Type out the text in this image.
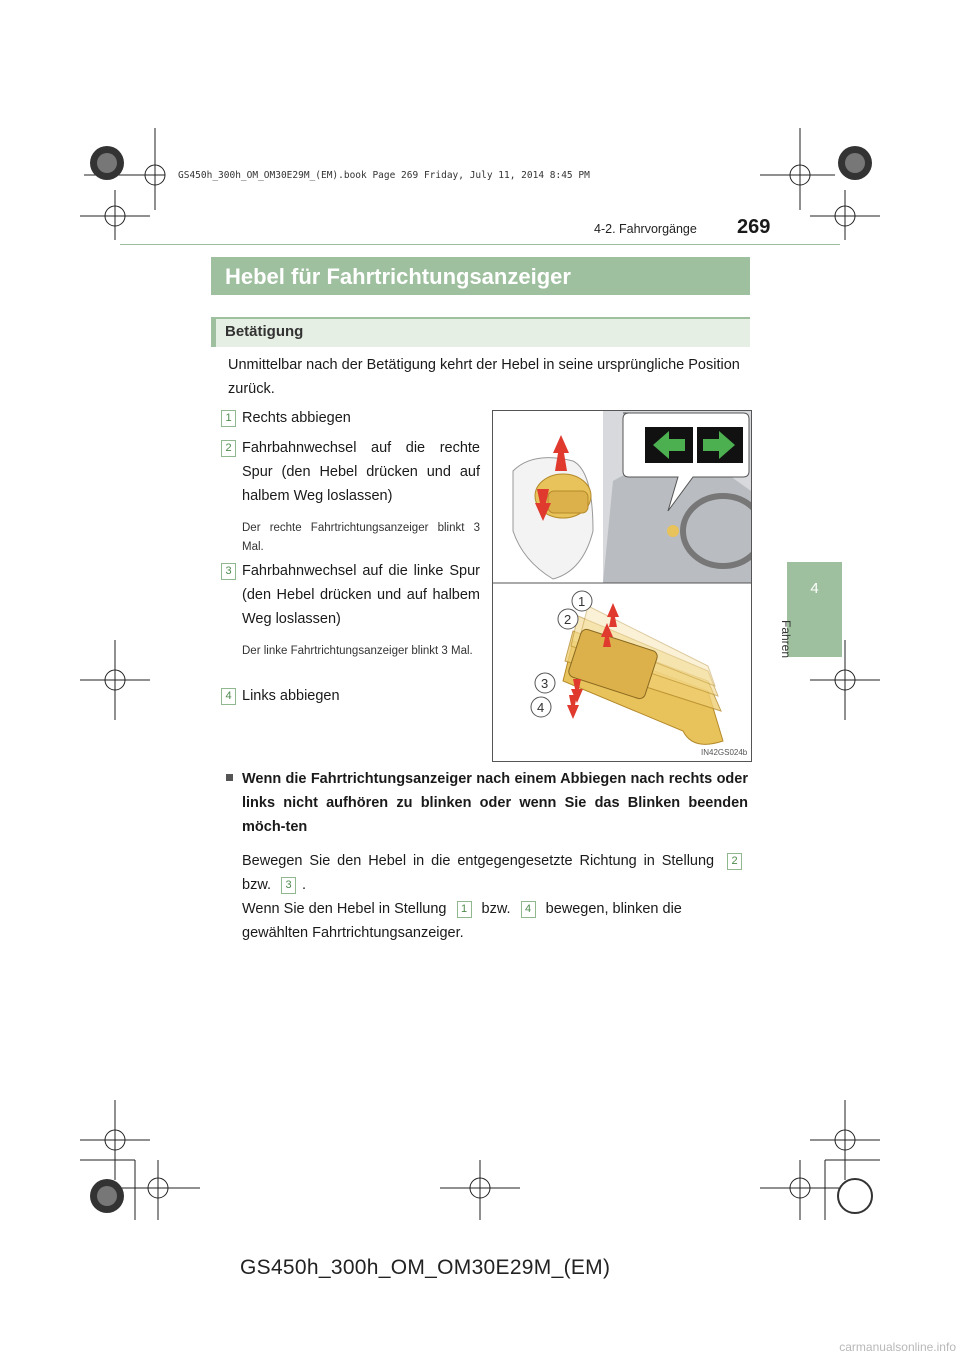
GS450h_300h_OM_OM30E29M_(EM).book Page 269 Friday, July 11, 2014 8:45 PM
269
4-2. Fahrvorgänge
4
Fahren
Hebel für Fahrtrichtungsanzeiger
Betätigung
Unmittelbar nach der Betätigung kehrt der Hebel in seine ursprüngliche Position zurück.
1 Rechts abbiegen
2 Fahrbahnwechsel auf die rechte Spur (den Hebel drücken und auf halbem Weg loslassen)
Der rechte Fahrtrichtungsanzeiger blinkt 3 Mal.
3 Fahrbahnwechsel auf die linke Spur (den Hebel drücken und auf halbem Weg loslassen)
Der linke Fahrtrichtungsanzeiger blinkt 3 Mal.
4 Links abbiegen
1
2
3
4
IN42GS024b
Wenn die Fahrtrichtungsanzeiger nach einem Abbiegen nach rechts oder links nicht aufhören zu blinken oder wenn Sie das Blinken beenden möch-ten
Bewegen Sie den Hebel in die entgegengesetzte Richtung in Stellung 2 bzw. 3 .
Wenn Sie den Hebel in Stellung 1 bzw. 4 bewegen, blinken die gewählten Fahrtrichtungsanzeiger.
GS450h_300h_OM_OM30E29M_(EM)
carmanualsonline.info
